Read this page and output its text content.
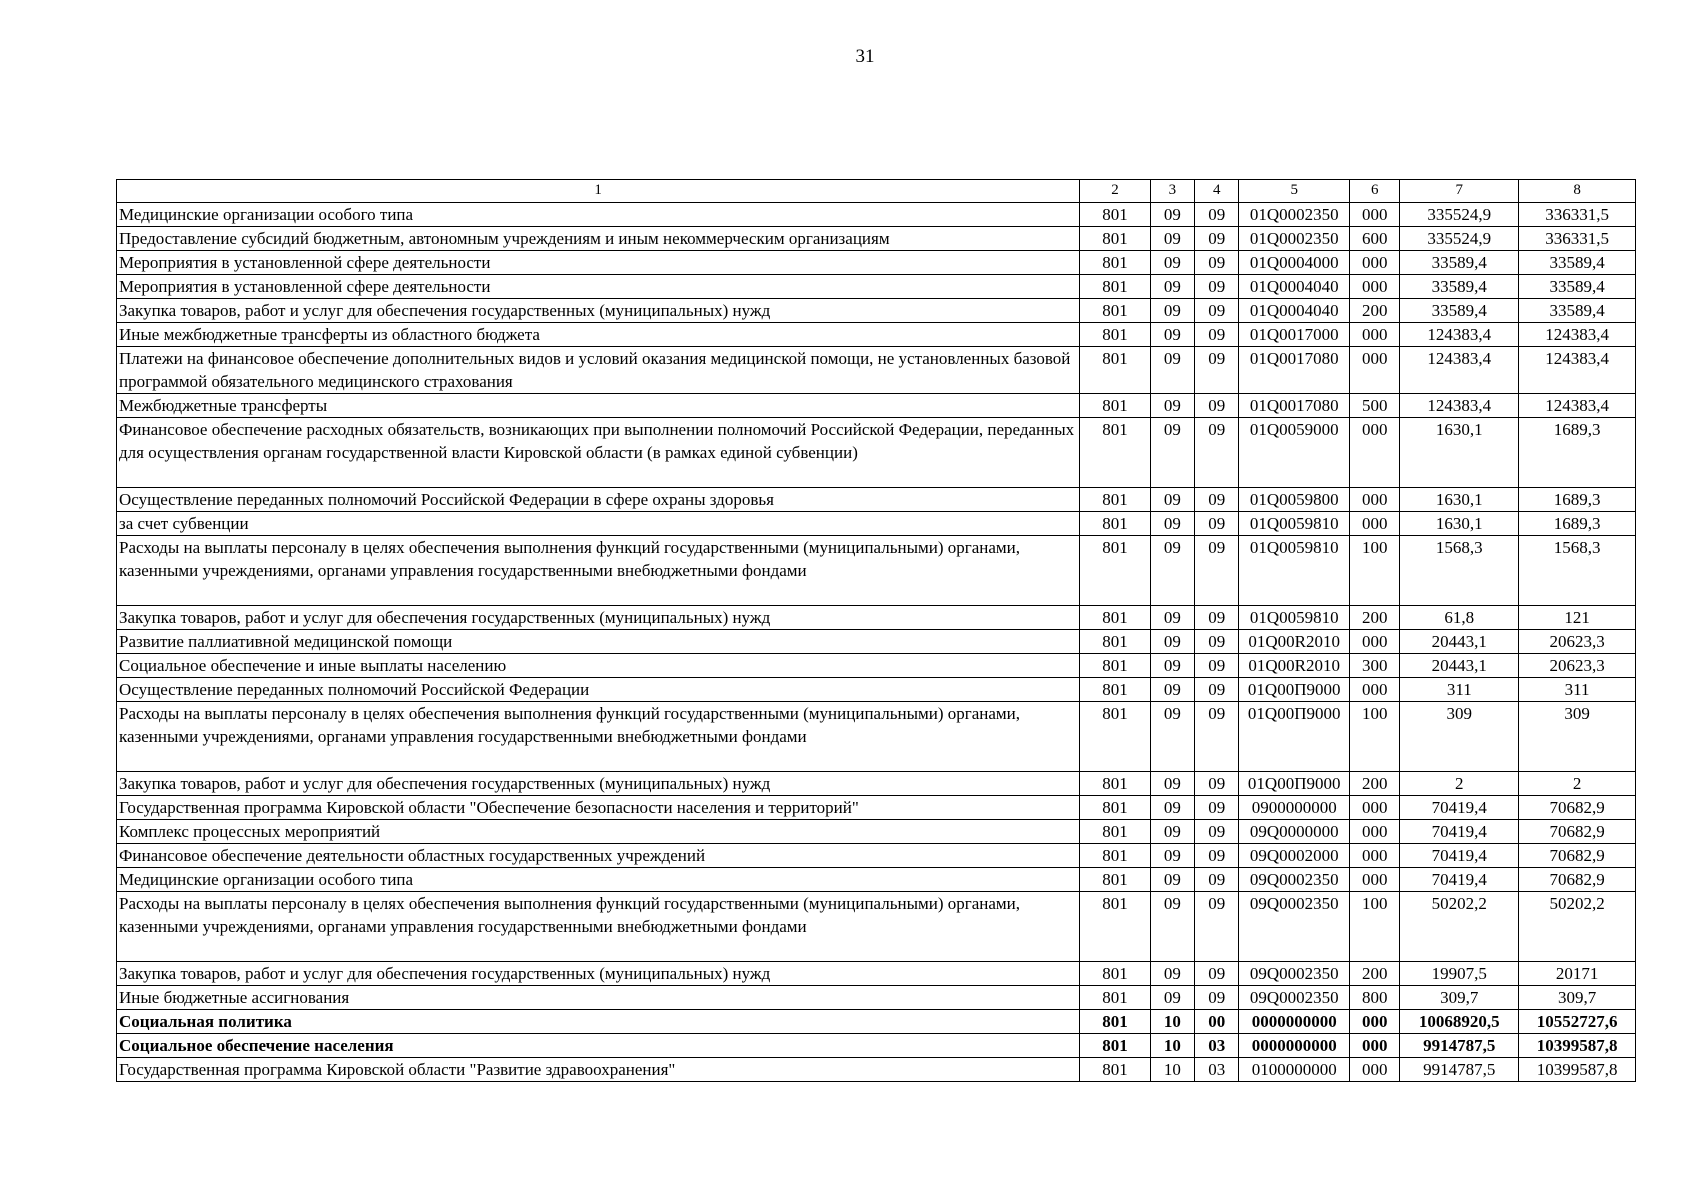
31
1	2	3	4	5	6	7	8
Медицинские организации особого типа	801	09	09	01Q0002350	000	335524,9	336331,5
Предоставление субсидий бюджетным, автономным учреждениям и иным некоммерческим организациям	801	09	09	01Q0002350	600	335524,9	336331,5
Мероприятия в установленной сфере деятельности	801	09	09	01Q0004000	000	33589,4	33589,4
Мероприятия в установленной сфере деятельности	801	09	09	01Q0004040	000	33589,4	33589,4
Закупка товаров, работ и услуг для обеспечения государственных (муниципальных) нужд	801	09	09	01Q0004040	200	33589,4	33589,4
Иные межбюджетные трансферты из областного бюджета	801	09	09	01Q0017000	000	124383,4	124383,4
Платежи на финансовое обеспечение дополнительных видов и условий оказания медицинской помощи, не установленных базовой программой обязательного медицинского страхования	801	09	09	01Q0017080	000	124383,4	124383,4
Межбюджетные трансферты	801	09	09	01Q0017080	500	124383,4	124383,4
Финансовое обеспечение расходных обязательств, возникающих при выполнении полномочий Российской Федерации, переданных для осуществления органам государственной власти Кировской области (в рамках единой субвенции)	801	09	09	01Q0059000	000	1630,1	1689,3
Осуществление переданных полномочий Российской Федерации в сфере охраны здоровья	801	09	09	01Q0059800	000	1630,1	1689,3
за счет субвенции	801	09	09	01Q0059810	000	1630,1	1689,3
Расходы на выплаты персоналу в целях обеспечения выполнения функций государственными (муниципальными) органами, казенными учреждениями, органами управления государственными внебюджетными фондами	801	09	09	01Q0059810	100	1568,3	1568,3
Закупка товаров, работ и услуг для обеспечения государственных (муниципальных) нужд	801	09	09	01Q0059810	200	61,8	121
Развитие паллиативной медицинской помощи	801	09	09	01Q00R2010	000	20443,1	20623,3
Социальное обеспечение и иные выплаты населению	801	09	09	01Q00R2010	300	20443,1	20623,3
Осуществление переданных полномочий Российской Федерации	801	09	09	01Q00П9000	000	311	311
Расходы на выплаты персоналу в целях обеспечения выполнения функций государственными (муниципальными) органами, казенными учреждениями, органами управления государственными внебюджетными фондами	801	09	09	01Q00П9000	100	309	309
Закупка товаров, работ и услуг для обеспечения государственных (муниципальных) нужд	801	09	09	01Q00П9000	200	2	2
Государственная программа Кировской области "Обеспечение безопасности населения и территорий"	801	09	09	0900000000	000	70419,4	70682,9
Комплекс процессных мероприятий	801	09	09	09Q0000000	000	70419,4	70682,9
Финансовое обеспечение деятельности областных государственных учреждений	801	09	09	09Q0002000	000	70419,4	70682,9
Медицинские организации особого типа	801	09	09	09Q0002350	000	70419,4	70682,9
Расходы на выплаты персоналу в целях обеспечения выполнения функций государственными (муниципальными) органами, казенными учреждениями, органами управления государственными внебюджетными фондами	801	09	09	09Q0002350	100	50202,2	50202,2
Закупка товаров, работ и услуг для обеспечения государственных (муниципальных) нужд	801	09	09	09Q0002350	200	19907,5	20171
Иные бюджетные ассигнования	801	09	09	09Q0002350	800	309,7	309,7
Социальная политика	801	10	00	0000000000	000	10068920,5	10552727,6
Социальное обеспечение населения	801	10	03	0000000000	000	9914787,5	10399587,8
Государственная программа Кировской области "Развитие здравоохранения"	801	10	03	0100000000	000	9914787,5	10399587,8
